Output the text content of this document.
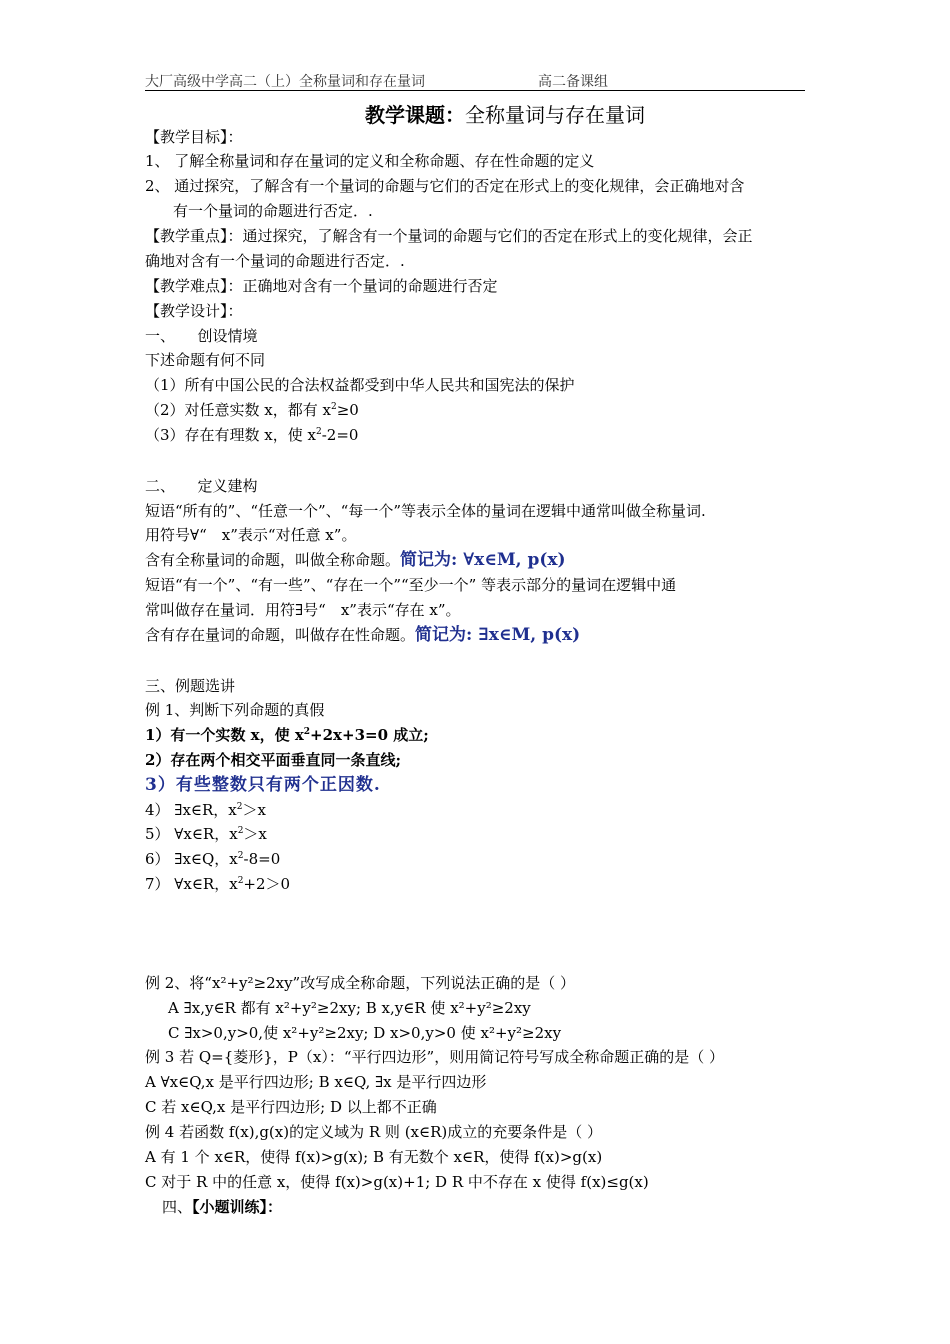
大厂高级中学高二（上）全称量词和存在量词	高二备课组
教学课题：全称量词与存在量词
【教学目标】：
1、 了解全称量词和存在量词的定义和全称命题、存在性命题的定义
2、 通过探究，了解含有一个量词的命题与它们的否定在形式上的变化规律，会正确地对含
有一个量词的命题进行否定．.
【教学重点】：通过探究，了解含有一个量词的命题与它们的否定在形式上的变化规律，会正
确地对含有一个量词的命题进行否定．.
【教学难点】：正确地对含有一个量词的命题进行否定
【教学设计】：
一、　　创设情境
下述命题有何不同
（1）所有中国公民的合法权益都受到中华人民共和国宪法的保护
（2）对任意实数 x，都有 $x^2\ge 0$
（3）存在有理数 x，使 $x^2-2=0$
二、　　定义建构
短语“所有的”、“任意一个”、“每一个”等表示全体的量词在逻辑中通常叫做全称量词.
用符号∀“　x”表示“对任意 x”。
含有全称量词的命题，叫做全称命题。简记为: ∀x∈M, p(x)
短语“有一个”、“有一些”、“存在一个”“至少一个” 等表示部分的量词在逻辑中通
常叫做存在量词．用符∃号“　x”表示“存在 x”。
含有存在量词的命题，叫做存在性命题。简记为: ∃x∈M, p(x)
三、例题选讲
例 1、判断下列命题的真假
1）有一个实数 x，使 $x^2+2x+3=0$ 成立;
2）存在两个相交平面垂直同一条直线;
3）有些整数只有两个正因数.
4） ∃x∈R，$x^2>x$
5） ∀x∈R，$x^2>x$
6） ∃x∈Q，$x^2-8=0$
7） ∀x∈R，$x^2+2>0$
例 2、将“x²+y²≥2xy”改写成全称命题，下列说法正确的是（ ）
A ∃x,y∈R 都有 x²+y²≥2xy; B x,y∈R 使 x²+y²≥2xy
C ∃x>0,y>0,使 x²+y²≥2xy; D x>0,y>0 使 x²+y²≥2xy
例 3 若 Q={菱形}，P（x）：“平行四边形”，则用简记符号写成全称命题正确的是（ ）
A ∀x∈Q,x 是平行四边形; B x∈Q, ∃x 是平行四边形
C 若 x∈Q,x 是平行四边形; D 以上都不正确
例 4 若函数 f(x),g(x)的定义域为 R 则 (x∈R)成立的充要条件是（ ）
A 有 1 个 x∈R，使得 f(x)>g(x); B 有无数个 x∈R，使得 f(x)>g(x)
C 对于 R 中的任意 x，使得 f(x)>g(x)+1; D R 中不存在 x 使得 f(x)≤g(x)
四、【小题训练】：
